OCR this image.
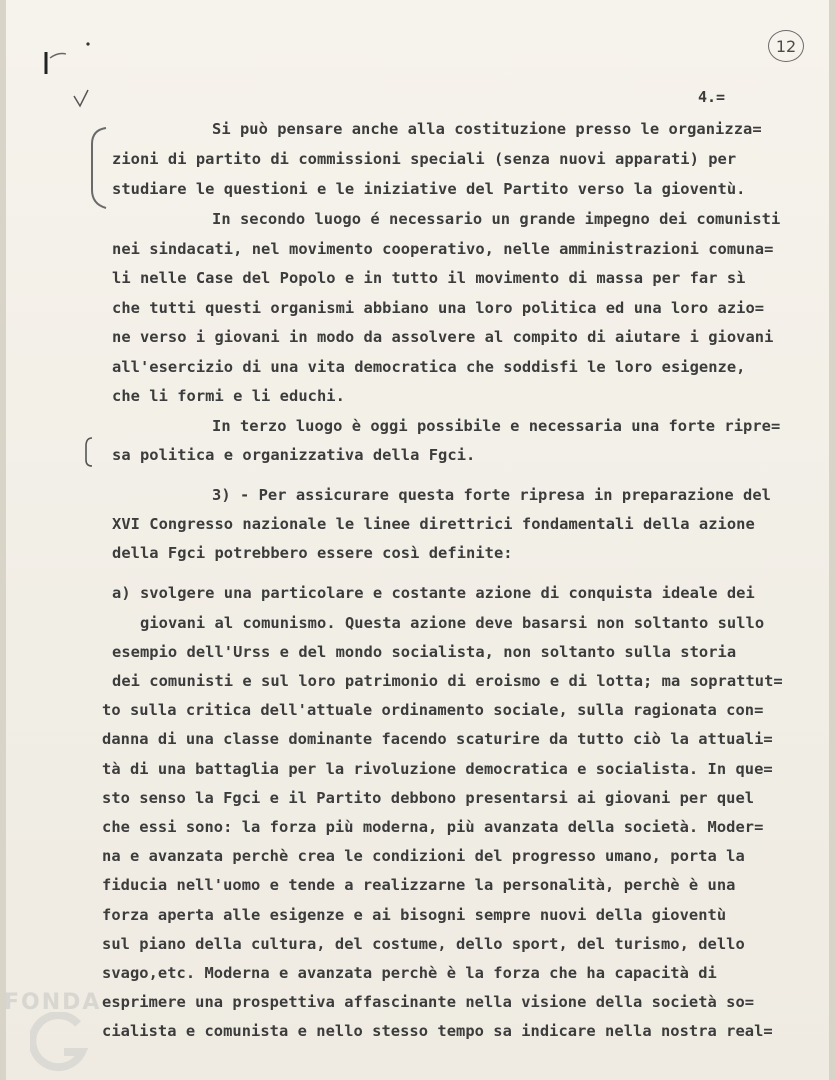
12
4.=
Si può pensare anche alla costituzione presso le organizza=
zioni di partito di commissioni speciali (senza nuovi apparati) per
studiare le questioni e le iniziative del Partito verso la gioventù.
In secondo luogo é necessario un grande impegno dei comunisti
nei sindacati, nel movimento cooperativo, nelle amministrazioni comuna=
li nelle Case del Popolo e in tutto il movimento di massa per far sì
che tutti questi organismi abbiano una loro politica ed una loro azio=
ne verso i giovani in modo da assolvere al compito di aiutare i giovani
all'esercizio di una vita democratica che soddisfi le loro esigenze,
che li formi e li educhi.
In terzo luogo è oggi possibile e necessaria una forte ripre=
sa politica e organizzativa della Fgci.
3) - Per assicurare questa forte ripresa in preparazione del
XVI Congresso nazionale le linee direttrici fondamentali della azione
della Fgci potrebbero essere così definite:
a) svolgere una particolare e costante azione di conquista ideale dei
giovani al comunismo. Questa azione deve basarsi non soltanto sullo
esempio dell'Urss e del mondo socialista, non soltanto sulla storia
dei comunisti e sul loro patrimonio di eroismo e di lotta; ma soprattut=
to sulla critica dell'attuale ordinamento sociale, sulla ragionata con=
danna di una classe dominante facendo scaturire da tutto ciò la attuali=
tà di una battaglia per la rivoluzione democratica e socialista. In que=
sto senso la Fgci e il Partito debbono presentarsi ai giovani per quel
che essi sono: la forza più moderna, più avanzata della società. Moder=
na e avanzata perchè crea le condizioni del progresso umano, porta la
fiducia nell'uomo e tende a realizzarne la personalità, perchè è una
forza aperta alle esigenze e ai bisogni sempre nuovi della gioventù
sul piano della cultura, del costume, dello sport, del turismo, dello
svago,etc. Moderna e avanzata perchè è la forza che ha capacità di
esprimere una prospettiva affascinante nella visione della società so=
cialista e comunista e nello stesso tempo sa indicare nella nostra real=
FONDA
